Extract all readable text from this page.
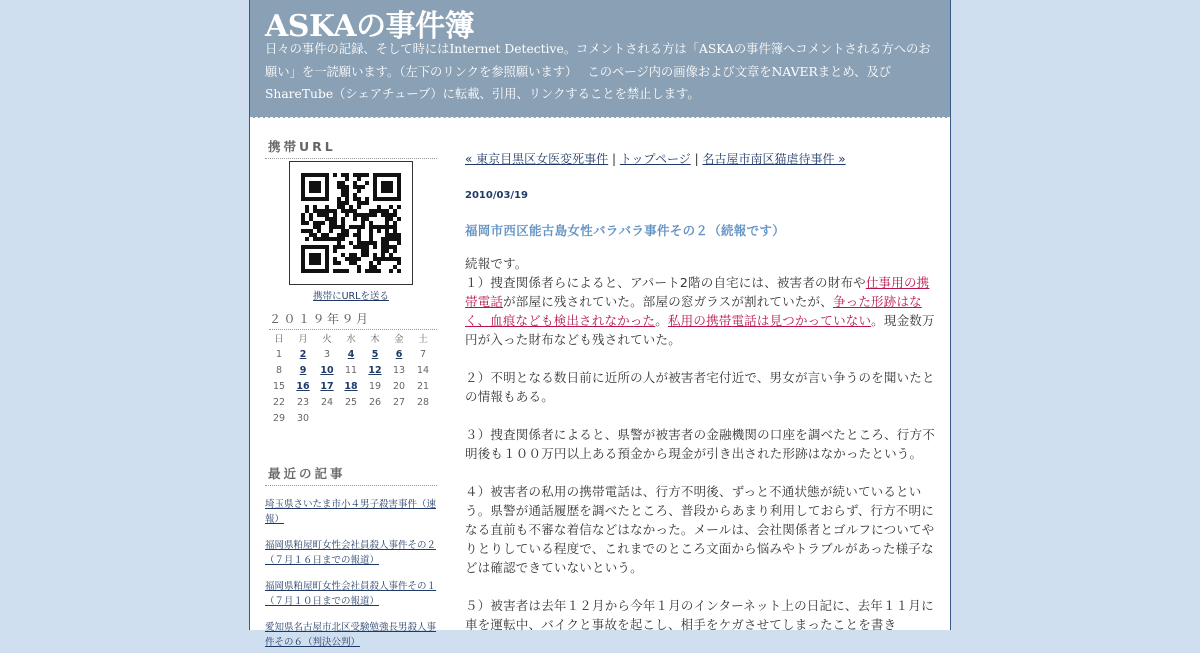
ASKAの事件簿
日々の事件の記録、そして時にはInternet Detective。コメントされる方は「ASKAの事件簿へコメントされる方へのお願い」を一読願います。（左下のリンクを参照願います）　 このページ内の画像および文章をNAVERまとめ、及びShareTube（シェアチューブ）に転載、引用、リンクすることを禁止します。
携帯URL
携帯にURLを送る
２０１９年９月
日	月	火	水	木	金	土
1	2	3	4	5	6	7
8	9	10	11	12	13	14
15	16	17	18	19	20	21
22	23	24	25	26	27	28
29	30					
最近の記事
埼玉県さいたま市小４男子殺害事件（速報）
福岡県粕屋町女性会社員殺人事件その２（７月１６日までの報道）
福岡県粕屋町女性会社員殺人事件その１（７月１０日までの報道）
愛知県名古屋市北区受験勉強長男殺人事件その６（判決公判）
« 東京目黒区女医変死事件 | トップページ | 名古屋市南区猫虐待事件 »
2010/03/19
福岡市西区能古島女性バラバラ事件その２（続報です）
続報です。

１）捜査関係者らによると、アパート2階の自宅には、被害者の財布や仕事用の携帯電話が部屋に残されていた。部屋の窓ガラスが割れていたが、争った形跡はなく、血痕なども検出されなかった。私用の携帯電話は見つかっていない。現金数万円が入った財布なども残されていた。

２）不明となる数日前に近所の人が被害者宅付近で、男女が言い争うのを聞いたとの情報もある。

３）捜査関係者によると、県警が被害者の金融機関の口座を調べたところ、行方不明後も１００万円以上ある預金から現金が引き出された形跡はなかったという。

４）被害者の私用の携帯電話は、行方不明後、ずっと不通状態が続いているという。県警が通話履歴を調べたところ、普段からあまり利用しておらず、行方不明になる直前も不審な着信などはなかった。メールは、会社関係者とゴルフについてやりとりしている程度で、これまでのところ文面から悩みやトラブルがあった様子などは確認できていないという。

５）被害者は去年１２月から今年１月のインターネット上の日記に、去年１１月に車を運転中、バイクと事故を起こし、相手をケガさせてしまったことを書き
